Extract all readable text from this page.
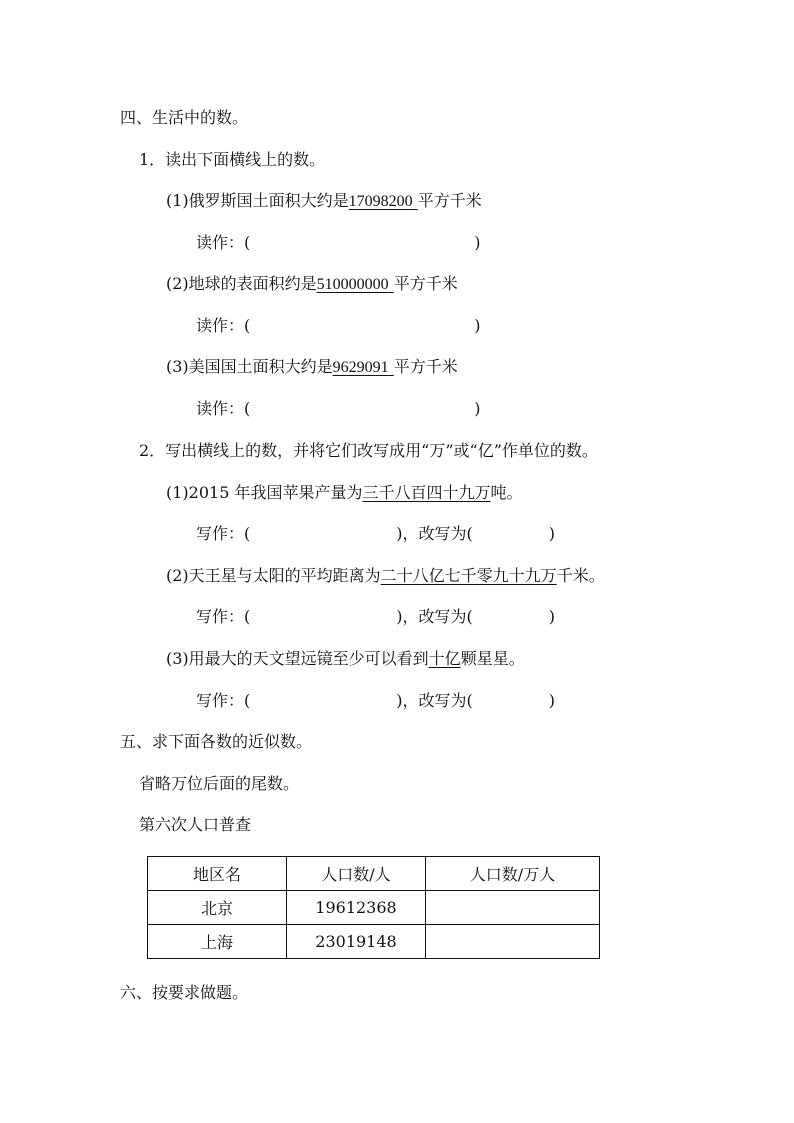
四、生活中的数。
1．读出下面横线上的数。
(1)俄罗斯国土面积大约是17098200 平方千米
读作：(	)
(2)地球的表面积约是510000000 平方千米
读作：(	)
(3)美国国土面积大约是9629091 平方千米
读作：(	)
2．写出横线上的数，并将它们改写成用“万”或“亿”作单位的数。
(1)2015 年我国苹果产量为三千八百四十九万吨。
写作：(	)，改写为(	)
(2)天王星与太阳的平均距离为二十八亿七千零九十九万千米。
写作：(	)，改写为(	)
(3)用最大的天文望远镜至少可以看到十亿颗星星。
写作：(	)，改写为(	)
五、求下面各数的近似数。
省略万位后面的尾数。
第六次人口普查
地区名	人口数/人	人口数/万人
北京	19612368	
上海	23019148	
六、按要求做题。
